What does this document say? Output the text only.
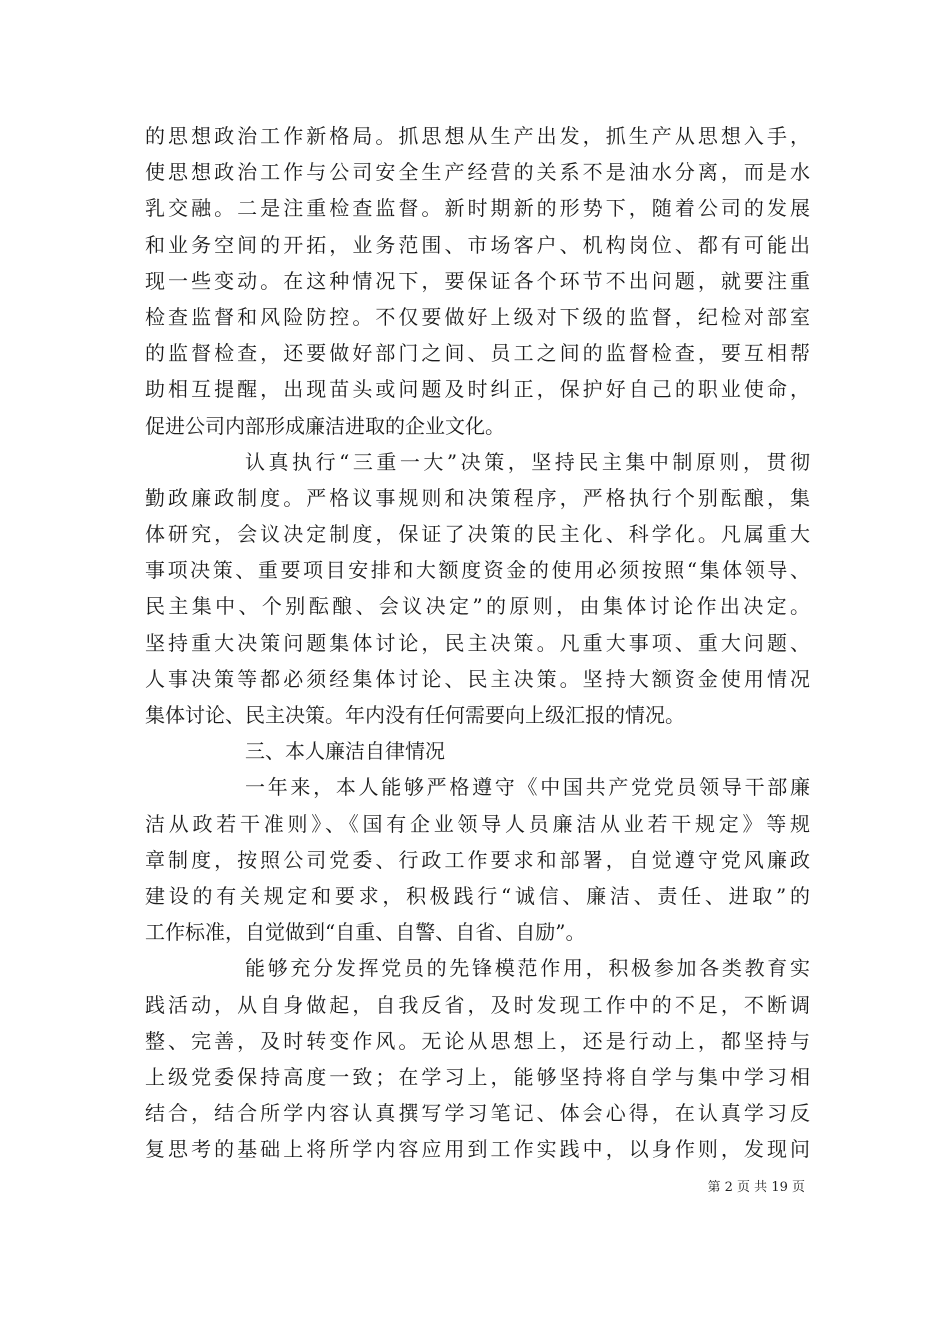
的思想政治工作新格局。抓思想从生产出发，抓生产从思想入手，
使思想政治工作与公司安全生产经营的关系不是油水分离，而是水
乳交融。二是注重检查监督。新时期新的形势下，随着公司的发展
和业务空间的开拓，业务范围、市场客户、机构岗位、都有可能出
现一些变动。在这种情况下，要保证各个环节不出问题，就要注重
检查监督和风险防控。不仅要做好上级对下级的监督，纪检对部室
的监督检查，还要做好部门之间、员工之间的监督检查，要互相帮
助相互提醒，出现苗头或问题及时纠正，保护好自己的职业使命，
促进公司内部形成廉洁进取的企业文化。
认真执行“三重一大”决策，坚持民主集中制原则，贯彻
勤政廉政制度。严格议事规则和决策程序，严格执行个别酝酿，集
体研究，会议决定制度，保证了决策的民主化、科学化。凡属重大
事项决策、重要项目安排和大额度资金的使用必须按照“集体领导、
民主集中、个别酝酿、会议决定”的原则，由集体讨论作出决定。
坚持重大决策问题集体讨论，民主决策。凡重大事项、重大问题、
人事决策等都必须经集体讨论、民主决策。坚持大额资金使用情况
集体讨论、民主决策。年内没有任何需要向上级汇报的情况。
三、本人廉洁自律情况
一年来，本人能够严格遵守《中国共产党党员领导干部廉
洁从政若干准则》、《国有企业领导人员廉洁从业若干规定》等规
章制度，按照公司党委、行政工作要求和部署，自觉遵守党风廉政
建设的有关规定和要求，积极践行“诚信、廉洁、责任、进取”的
工作标准，自觉做到“自重、自警、自省、自励”。
能够充分发挥党员的先锋模范作用，积极参加各类教育实
践活动，从自身做起，自我反省，及时发现工作中的不足，不断调
整、完善，及时转变作风。无论从思想上，还是行动上，都坚持与
上级党委保持高度一致；在学习上，能够坚持将自学与集中学习相
结合，结合所学内容认真撰写学习笔记、体会心得，在认真学习反
复思考的基础上将所学内容应用到工作实践中，以身作则，发现问
第 2 页 共 19 页
